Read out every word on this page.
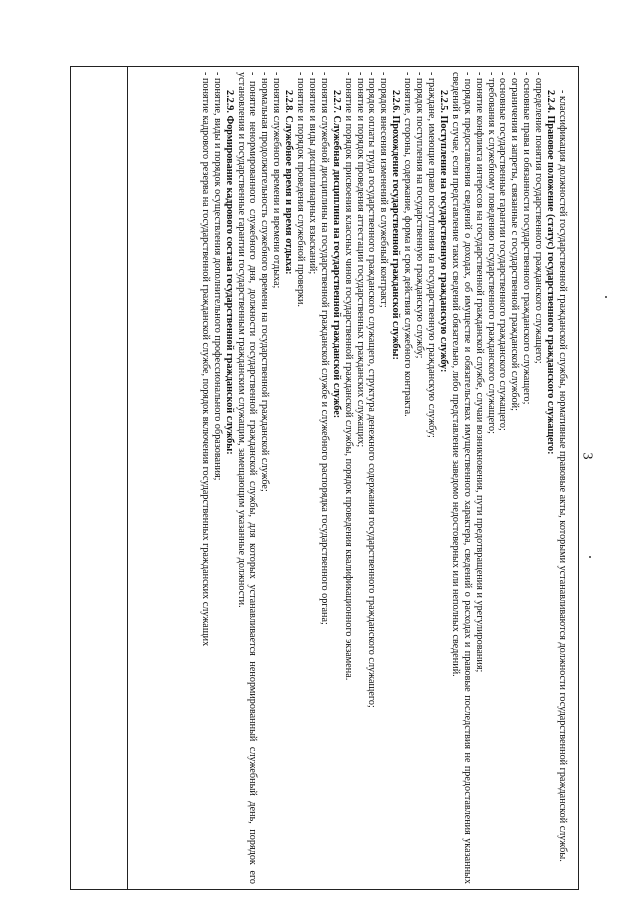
3

- классификация должностей государственной гражданской службы, нормативные правовые акты, которыми устанавливаются должности государственной гражданской службы.

2.2.4. Правовое положение (статус) государственного гражданского служащего:

- определение понятия государственного гражданского служащего;

- основные права и обязанности государственного гражданского служащего;

- ограничения и запреты, связанные с государственной гражданской службой;

- основные государственные гарантии государственного гражданского служащего;

- требования к служебному поведению государственного гражданского служащего;

- понятие конфликта интересов на государственной гражданской службе, случаи возникновения, пути предотвращения и урегулирования;

- порядок предоставления сведений о доходах, об имуществе и обязательствах имущественного характера, сведений о расходах и правовые последствия не предоставления указанных сведений в случае, если представление таких сведений обязательно, либо представление заведомо недостоверных или неполных сведений.

2.2.5. Поступление на государственную гражданскую службу:

- граждане, имеющие право поступления на государственную гражданскую службу;

- порядок поступления на государственную гражданскую службу;

- понятие, стороны, содержание, форма и срок действия служебного контракта.

2.2.6. Прохождение государственной гражданской службы:

- порядок внесения изменений в служебный контракт;

- порядок оплаты труда государственного гражданского служащего, структура денежного содержания государственного гражданского служащего;

- понятие и порядок проведения аттестации государственных гражданских служащих;

- понятие и порядок присвоения классных чинов государственной гражданской службы, порядок проведения квалификационного экзамена.

2.2.7. Служебная дисциплина на государственной гражданской службе:

- понятия служебной дисциплины на государственной гражданской службе и служебного распорядка государственного органа;

- понятие и виды дисциплинарных взысканий;

- понятие и порядок проведения служебной проверки.

2.2.8. Служебное время и время отдыха:

- понятия служебного времени и времени отдыха;

- нормальная продолжительность служебного времени на государственной гражданской службе;

- понятие ненормированного служебного дня, должности государственной гражданской службы, для которых устанавливается ненормированный служебный день, порядок его установления и государственные гарантии государственным гражданским служащим, замещающим указанные должности.

2.2.9. Формирование кадрового состава государственной гражданской службы:

- понятие, виды и порядок осуществления дополнительного профессионального образования;

- понятие кадрового резерва на государственной гражданской службе, порядок включения государственных гражданских служащих
